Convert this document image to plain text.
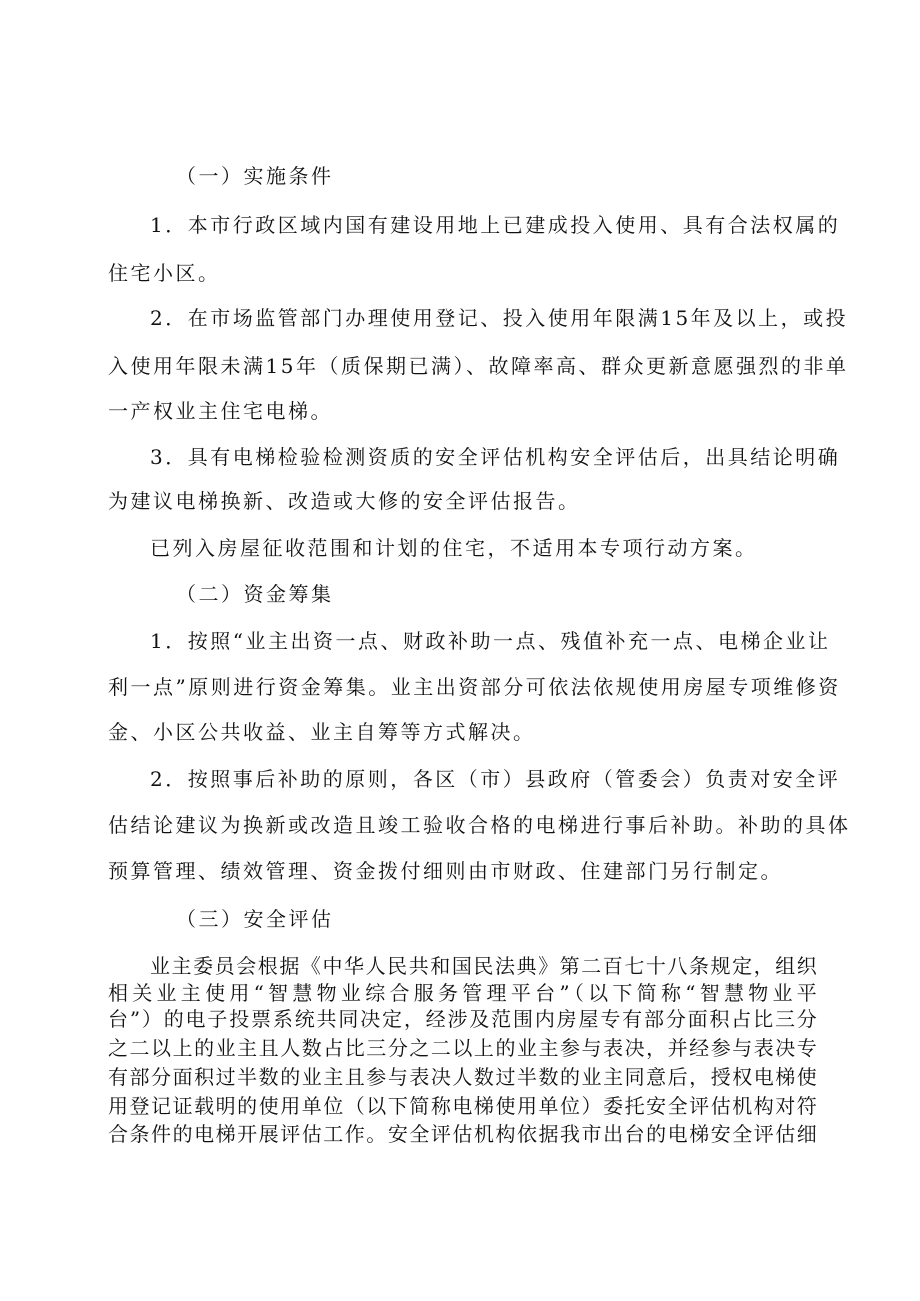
（一）实施条件
1．本市行政区域内国有建设用地上已建成投入使用、具有合法权属的
住宅小区。
2．在市场监管部门办理使用登记、投入使用年限满15年及以上，或投
入使用年限未满15年（质保期已满）、故障率高、群众更新意愿强烈的非单
一产权业主住宅电梯。
3．具有电梯检验检测资质的安全评估机构安全评估后，出具结论明确
为建议电梯换新、改造或大修的安全评估报告。
已列入房屋征收范围和计划的住宅，不适用本专项行动方案。
（二）资金筹集
1．按照“业主出资一点、财政补助一点、残值补充一点、电梯企业让
利一点”原则进行资金筹集。业主出资部分可依法依规使用房屋专项维修资
金、小区公共收益、业主自筹等方式解决。
2．按照事后补助的原则，各区（市）县政府（管委会）负责对安全评
估结论建议为换新或改造且竣工验收合格的电梯进行事后补助。补助的具体
预算管理、绩效管理、资金拨付细则由市财政、住建部门另行制定。
（三）安全评估
业主委员会根据《中华人民共和国民法典》第二百七十八条规定，组织
相关业主使用“智慧物业综合服务管理平台”（以下简称“智慧物业平
台”）的电子投票系统共同决定，经涉及范围内房屋专有部分面积占比三分
之二以上的业主且人数占比三分之二以上的业主参与表决，并经参与表决专
有部分面积过半数的业主且参与表决人数过半数的业主同意后，授权电梯使
用登记证载明的使用单位（以下简称电梯使用单位）委托安全评估机构对符
合条件的电梯开展评估工作。安全评估机构依据我市出台的电梯安全评估细
